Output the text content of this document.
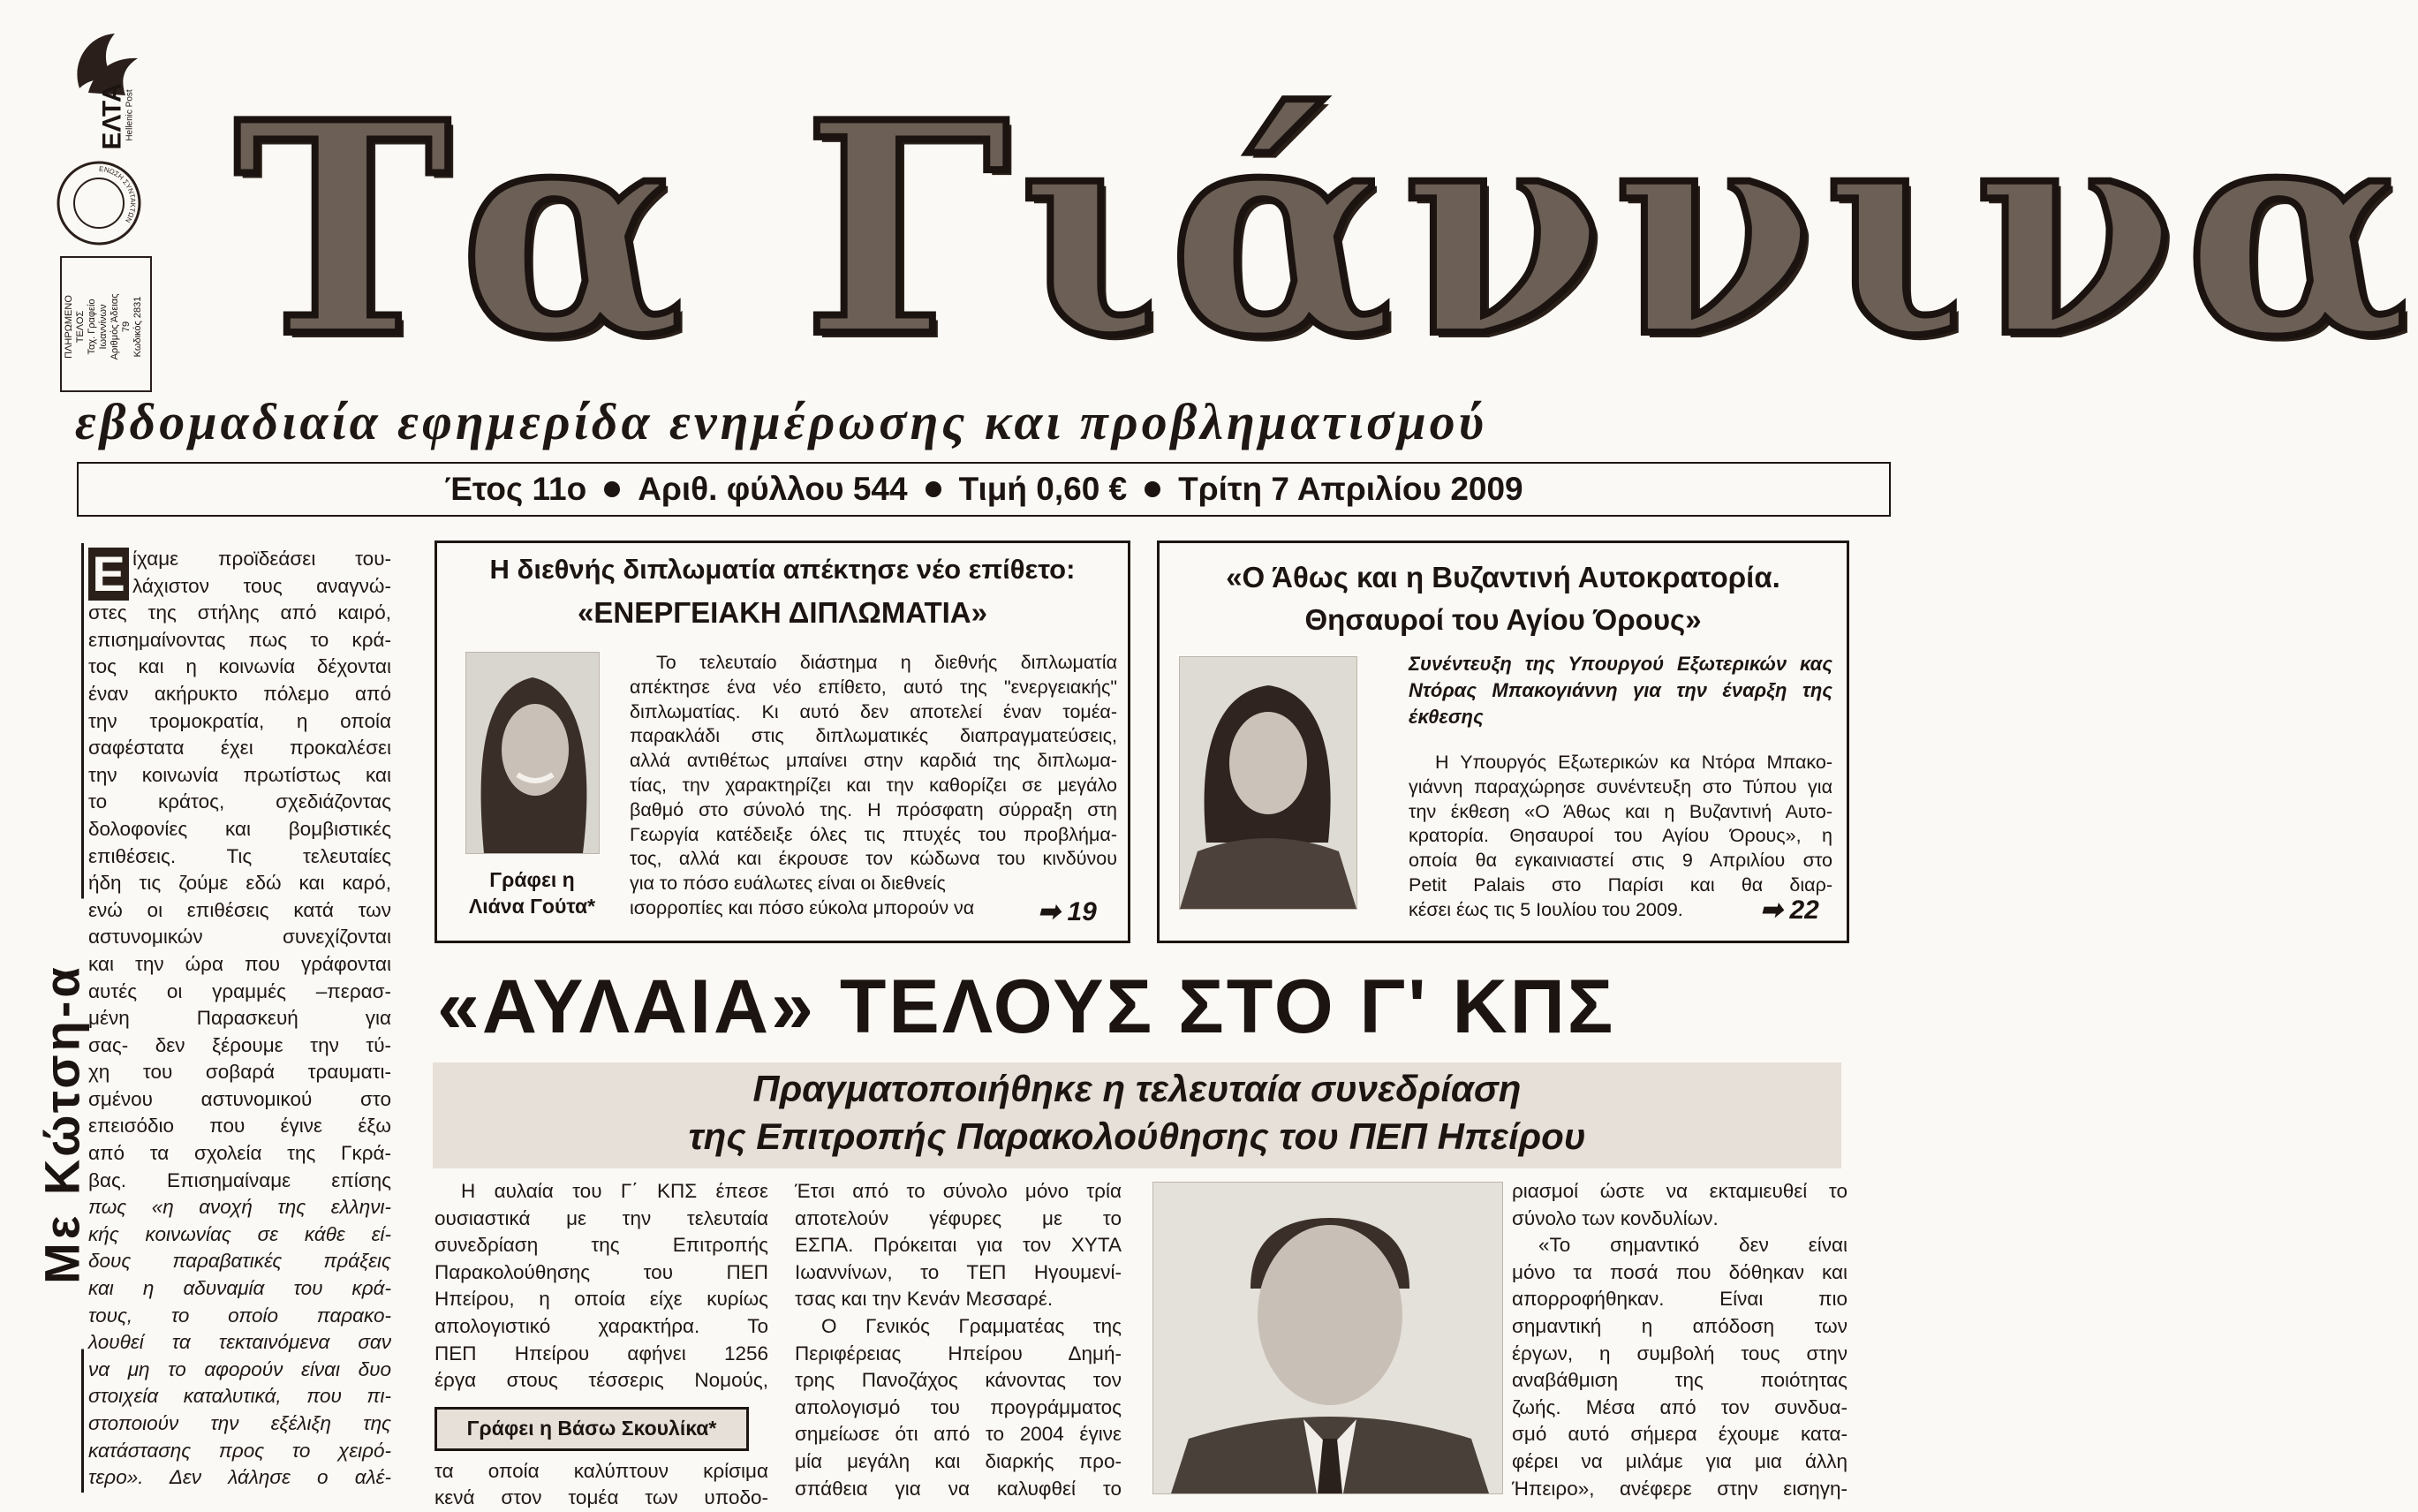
ΕΛΤΑ
Hellenic Post
ΕΝΩΣΗ ΣΥΝΤΑΚΤΩΝ
ΠΛΗΡΩΜΕΝΟ ΤΕΛΟΣ Ταχ. Γραφείο Ιωαννίνων Αριθμός Άδειας 79 Κωδικός 2831 Τα Γιάννινα
εβδομαδιαία εφημερίδα ενημέρωσης και προβληματισμού
Έτος 11ο Αριθ. φύλλου 544 Τιμή 0,60 € Τρίτη 7 Απριλίου 2009
Με Κώτση-α
Ε ίχαμε προϊδεάσει του-
λάχιστον τους αναγνώ-
στες της στήλης από καιρό,
επισημαίνοντας πως το κρά-
τος και η κοινωνία δέχονται
έναν ακήρυκτο πόλεμο από
την τρομοκρατία, η οποία
σαφέστατα έχει προκαλέσει
την κοινωνία πρωτίστως και
το κράτος, σχεδιάζοντας
δολοφονίες και βομβιστικές
επιθέσεις. Τις τελευταίες
ήδη τις ζούμε εδώ και καρό,
ενώ οι επιθέσεις κατά των
αστυνομικών συνεχίζονται
και την ώρα που γράφονται
αυτές οι γραμμές –περασ-
μένη Παρασκευή για
σας- δεν ξέρουμε την τύ-
χη του σοβαρά τραυματι-
σμένου αστυνομικού στο
επεισόδιο που έγινε έξω
από τα σχολεία της Γκρά-
βας. Επισημαίναμε επίσης
πως «η ανοχή της ελληνι-
κής κοινωνίας σε κάθε εί-
δους παραβατικές πράξεις
και η αδυναμία του κρά-
τους, το οποίο παρακο-
λουθεί τα τεκταινόμενα σαν
να μη το αφορούν είναι δυο
στοιχεία καταλυτικά, που πι-
στοποιούν την εξέλιξη της
κατάστασης προς το χειρό-
τερο». Δεν λάλησε ο αλέ-
Η διεθνής διπλωματία απέκτησε νέο επίθετο:
«ΕΝΕΡΓΕΙΑΚΗ ΔΙΠΛΩΜΑΤΙΑ»
Γράφει η
Λιάνα Γούτα*
Το τελευταίο διάστημα η διεθνής διπλωματία
απέκτησε ένα νέο επίθετο, αυτό της "ενεργειακής"
διπλωματίας. Κι αυτό δεν αποτελεί έναν τομέα-
παρακλάδι στις διπλωματικές διαπραγματεύσεις,
αλλά αντιθέτως μπαίνει στην καρδιά της διπλωμα-
τίας, την χαρακτηρίζει και την καθορίζει σε μεγάλο
βαθμό στο σύνολό της. Η πρόσφατη σύρραξη στη
Γεωργία κατέδειξε όλες τις πτυχές του προβλήμα-
τος, αλλά και έκρουσε τον κώδωνα του κινδύνου
για το πόσο ευάλωτες είναι οι διεθνείς
ισορροπίες και πόσο εύκολα μπορούν να	➡ 19
«Ο Άθως και η Βυζαντινή Αυτοκρατορία.
Θησαυροί του Αγίου Όρους»
Συνέντευξη της Υπουργού Εξωτερικών κας Ντόρας Μπακογιάννη για την έναρξη της έκθεσης
Η Υπουργός Εξωτερικών κα Ντόρα Μπακο-
γιάννη παραχώρησε συνέντευξη στο Τύπου για
την έκθεση «Ο Άθως και η Βυζαντινή Αυτο-
κρατορία. Θησαυροί του Αγίου Όρους», η
οποία θα εγκαινιαστεί στις 9 Απριλίου στο
Petit Palais στο Παρίσι και θα διαρ-
κέσει έως τις 5 Ιουλίου του 2009.	➡ 22
«ΑΥΛΑΙΑ» ΤΕΛΟΥΣ ΣΤΟ Γ' ΚΠΣ
Πραγματοποιήθηκε η τελευταία συνεδρίαση
της Επιτροπής Παρακολούθησης του ΠΕΠ Ηπείρου
Η αυλαία του Γ΄ ΚΠΣ έπεσε
ουσιαστικά με την τελευταία
συνεδρίαση της Επιτροπής
Παρακολούθησης του ΠΕΠ
Ηπείρου, η οποία είχε κυρίως
απολογιστικό χαρακτήρα. Το
ΠΕΠ Ηπείρου αφήνει 1256
έργα στους τέσσερις Νομούς,
Γράφει η Βάσω Σκουλίκα*
τα οποία καλύπτουν κρίσιμα
κενά στον τομέα των υποδο-
Έτσι από το σύνολο μόνο τρία
αποτελούν γέφυρες με το
ΕΣΠΑ. Πρόκειται για τον ΧΥΤΑ
Ιωαννίνων, το ΤΕΠ Ηγουμενί-
τσας και την Κενάν Μεσσαρέ.
Ο Γενικός Γραμματέας της
Περιφέρειας Ηπείρου Δημή-
τρης Πανοζάχος κάνοντας τον
απολογισμό του προγράμματος
σημείωσε ότι από το 2004 έγινε
μία μεγάλη και διαρκής προ-
σπάθεια για να καλυφθεί το
ριασμοί ώστε να εκταμιευθεί το
σύνολο των κονδυλίων.
«Το σημαντικό δεν είναι
μόνο τα ποσά που δόθηκαν και
απορροφήθηκαν. Είναι πιο
σημαντική η απόδοση των
έργων, η συμβολή τους στην
αναβάθμιση της ποιότητας
ζωής. Μέσα από τον συνδυα-
σμό αυτό σήμερα έχουμε κατα-
φέρει να μιλάμε για μια άλλη
Ήπειρο», ανέφερε στην εισηγη-
